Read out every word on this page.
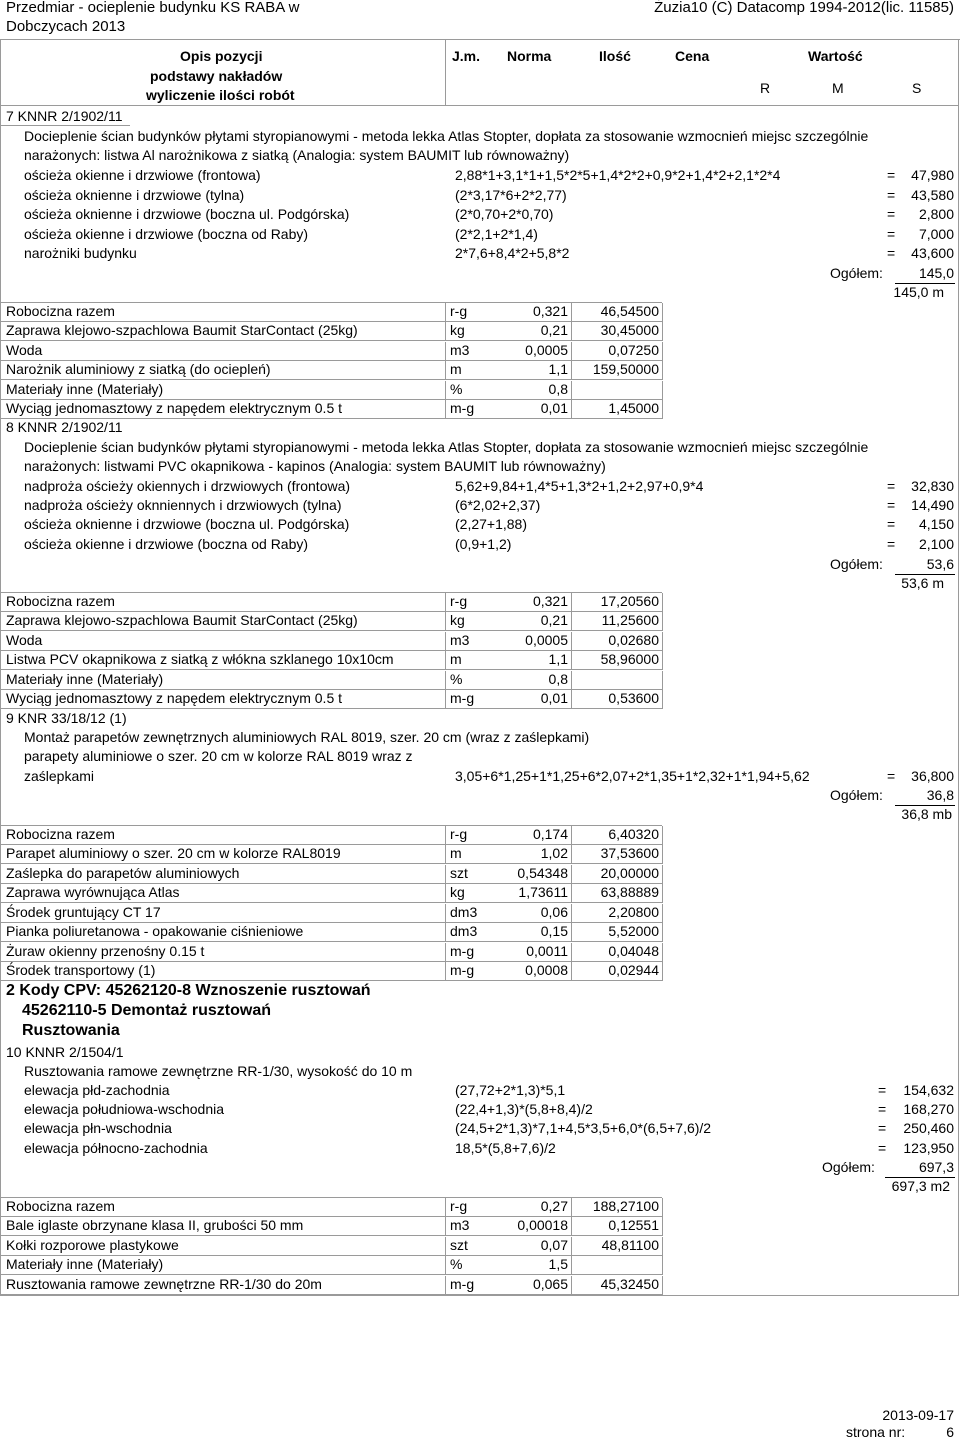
Przedmiar - ocieplenie budynku KS RABA w Dobczycach 2013
Żuzia10 (C) Datacomp 1994-2012(lic. 11585)
Opis pozycji
podstawy nakładów
wyliczenie ilości robót
J.m. Norma	Ilość	Cena	Wartość
R	M	S
7 KNNR 2/1902/11
Docieplenie ścian budynków płytami styropianowymi - metoda lekka Atlas Stopter, dopłata za stosowanie wzmocnień miejsc szczególnie
narażonych: listwa Al narożnikowa z siatką (Analogia: system BAUMIT lub równoważny)
ościeża okienne i drzwiowe (frontowa)	2,88*1+3,1*1+1,5*2*5+1,4*2*2+0,9*2+1,4*2+2,1*2*4	= 47,980
ościeża oknienne i drzwiowe (tylna)	(2*3,17*6+2*2,77)	= 43,580
ościeża oknienne i drzwiowe (boczna ul. Podgórska)	(2*0,70+2*0,70)	= 2,800
ościeża okienne i drzwiowe (boczna od Raby)	(2*2,1+2*1,4)	= 7,000
narożniki budynku	2*7,6+8,4*2+5,8*2	= 43,600
Ogółem:	145,0
145,0 m
Robocizna razem	r-g	0,321	46,54500
Zaprawa klejowo-szpachlowa Baumit StarContact (25kg)	kg	0,21	30,45000
Woda	m3	0,0005	0,07250
Narożnik aluminiowy z siatką (do ociepleń)	m	1,1	159,50000
Materiały inne (Materiały)	%	0,8
Wyciąg jednomasztowy z napędem elektrycznym 0.5 t	m-g	0,01	1,45000
8 KNNR 2/1902/11
Docieplenie ścian budynków płytami styropianowymi - metoda lekka Atlas Stopter, dopłata za stosowanie wzmocnień miejsc szczególnie
narażonych: listwami PVC okapnikowa - kapinos (Analogia: system BAUMIT lub równoważny)
nadproża ościeży okiennych i drzwiowych (frontowa)	5,62+9,84+1,4*5+1,3*2+1,2+2,97+0,9*4	= 32,830
nadproża ościeży oknniennych i drzwiowych (tylna)	(6*2,02+2,37)	= 14,490
ościeża oknienne i drzwiowe (boczna ul. Podgórska)	(2,27+1,88)	= 4,150
ościeża okienne i drzwiowe (boczna od Raby)	(0,9+1,2)	= 2,100
Ogółem:	53,6
53,6 m
Robocizna razem	r-g	0,321	17,20560
Zaprawa klejowo-szpachlowa Baumit StarContact (25kg)	kg	0,21	11,25600
Woda	m3	0,0005	0,02680
Listwa PCV okapnikowa z siatką z włókna szklanego 10x10cm	m	1,1	58,96000
Materiały inne (Materiały)	%	0,8
Wyciąg jednomasztowy z napędem elektrycznym 0.5 t	m-g	0,01	0,53600
9 KNR 33/18/12 (1)
Montaż parapetów zewnętrznych aluminiowych RAL 8019, szer. 20 cm (wraz z zaślepkami)
parapety aluminiowe o szer. 20 cm w kolorze RAL 8019 wraz z
zaślepkami	3,05+6*1,25+1*1,25+6*2,07+2*1,35+1*2,32+1*1,94+5,62	= 36,800
Ogółem:	36,8
36,8 mb
Robocizna razem	r-g	0,174	6,40320
Parapet aluminiowy o szer. 20 cm w kolorze RAL8019	m	1,02	37,53600
Zaślepka do parapetów aluminiowych	szt	0,54348	20,00000
Zaprawa wyrównująca Atlas	kg	1,73611	63,88889
Środek gruntujący CT 17	dm3	0,06	2,20800
Pianka poliuretanowa - opakowanie ciśnieniowe	dm3	0,15	5,52000
Żuraw okienny przenośny 0.15 t	m-g	0,0011	0,04048
Środek transportowy (1)	m-g	0,0008	0,02944
2 Kody CPV: 45262120-8 Wznoszenie rusztowań
45262110-5 Demontaż rusztowań
Rusztowania
10 KNNR 2/1504/1
Rusztowania ramowe zewnętrzne RR-1/30, wysokość do 10 m
elewacja płd-zachodnia	(27,72+2*1,3)*5,1	= 154,632
elewacja południowa-wschodnia	(22,4+1,3)*(5,8+8,4)/2	= 168,270
elewacja płn-wschodnia	(24,5+2*1,3)*7,1+4,5*3,5+6,0*(6,5+7,6)/2	= 250,460
elewacja północno-zachodnia	18,5*(5,8+7,6)/2	= 123,950
Ogółem:	697,3
697,3 m2
Robocizna razem	r-g	0,27	188,27100
Bale iglaste obrzynane klasa II, grubości 50 mm	m3	0,00018	0,12551
Kołki rozporowe plastykowe	szt	0,07	48,81100
Materiały inne (Materiały)	%	1,5
Rusztowania ramowe zewnętrzne RR-1/30 do 20m	m-g	0,065	45,32450
2013-09-17
strona nr:	6
